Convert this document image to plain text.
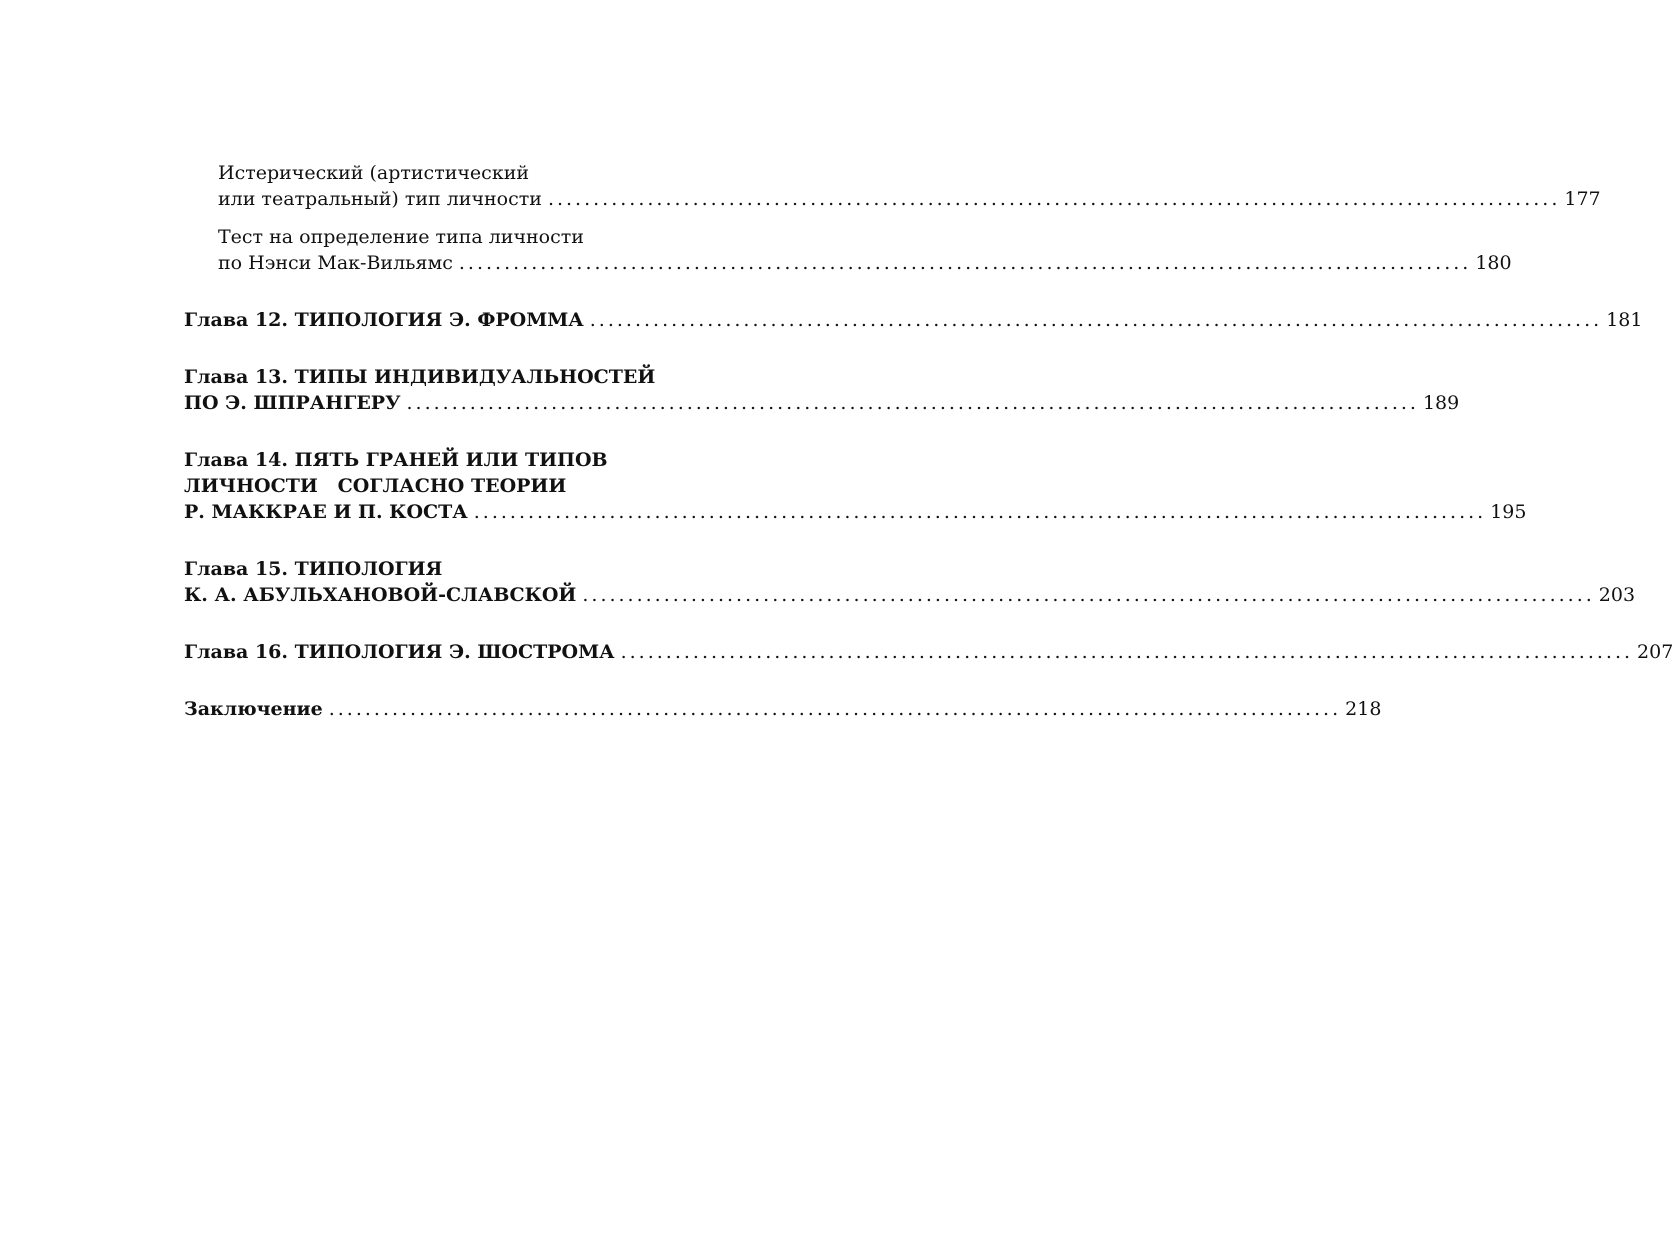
Истерический (артистический
или театральный) тип личности ................................................................................................................ 177
Тест на определение типа личности
по Нэнси Мак-Вильямс ................................................................................................................ 180
Глава 12. ТИПОЛОГИЯ Э. ФРОММА ................................................................................................................ 181
Глава 13. ТИПЫ ИНДИВИДУАЛЬНОСТЕЙ
ПО Э. ШПРАНГЕРУ ................................................................................................................ 189
Глава 14. ПЯТЬ ГРАНЕЙ ИЛИ ТИПОВ
ЛИЧНОСТИ   СОГЛАСНО ТЕОРИИ
Р. МАККРАЕ И П. КОСТА ................................................................................................................ 195
Глава 15. ТИПОЛОГИЯ
К. А. АБУЛЬХАНОВОЙ-СЛАВСКОЙ ................................................................................................................ 203
Глава 16. ТИПОЛОГИЯ Э. ШОСТРОМА ................................................................................................................ 207
Заключение ................................................................................................................ 218
